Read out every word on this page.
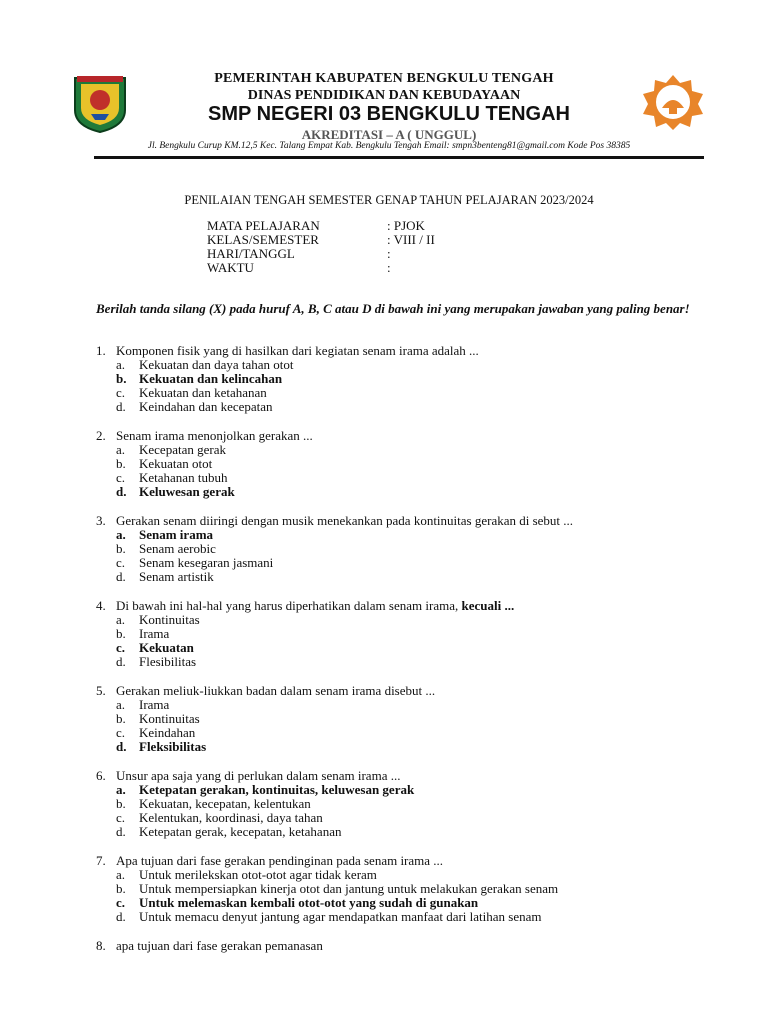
PEMERINTAH KABUPATEN BENGKULU TENGAH
DINAS PENDIDIKAN DAN KEBUDAYAAN
SMP NEGERI 03 BENGKULU TENGAH
AKREDITASI – A ( UNGGUL)
Jl. Bengkulu Curup KM.12,5 Kec. Talang Empat Kab. Bengkulu Tengah Email: smpn3benteng81@gmail.com Kode Pos 38385
PENILAIAN TENGAH SEMESTER GENAP TAHUN PELAJARAN 2023/2024
MATA PELAJARAN	: PJOK
KELAS/SEMESTER	: VIII / II
HARI/TANGGL	:
WAKTU	:
Berilah tanda silang (X) pada huruf A, B, C atau D di bawah ini yang merupakan jawaban yang paling benar!
1. Komponen fisik yang di hasilkan dari kegiatan senam irama adalah ...
a.	Kekuatan dan daya tahan otot
b. Kekuatan dan kelincahan
c.	Kekuatan dan ketahanan
d.	Keindahan dan kecepatan
2. Senam irama menonjolkan gerakan ...
a.	Kecepatan gerak
b.	Kekuatan otot
c.	Ketahanan tubuh
d. Keluwesan gerak
3. Gerakan senam diiringi dengan musik menekankan pada kontinuitas gerakan di sebut ...
a.	Senam irama
b.	Senam aerobic
c.	Senam kesegaran jasmani
d.	Senam artistik
4. Di bawah ini hal-hal yang harus diperhatikan dalam senam irama, kecuali ...
a.	Kontinuitas
b.	Irama
c.	Kekuatan
d.	Flesibilitas
5. Gerakan meliuk-liukkan badan dalam senam irama disebut ...
a.	Irama
b.	Kontinuitas
c.	Keindahan
d. Fleksibilitas
6. Unsur apa saja yang di perlukan dalam senam irama ...
a.	Ketepatan gerakan, kontinuitas, keluwesan gerak
b.	Kekuatan, kecepatan, kelentukan
c.	Kelentukan, koordinasi, daya tahan
d.	Ketepatan gerak, kecepatan, ketahanan
7. Apa tujuan dari fase gerakan pendinginan pada senam irama ...
a.	Untuk merilekskan otot-otot agar tidak keram
b.	Untuk mempersiapkan kinerja otot dan jantung untuk melakukan gerakan senam
c.	Untuk melemaskan kembali otot-otot yang sudah di gunakan
d.	Untuk memacu denyut jantung agar mendapatkan manfaat dari latihan senam
8. apa tujuan dari fase gerakan pemanasan
